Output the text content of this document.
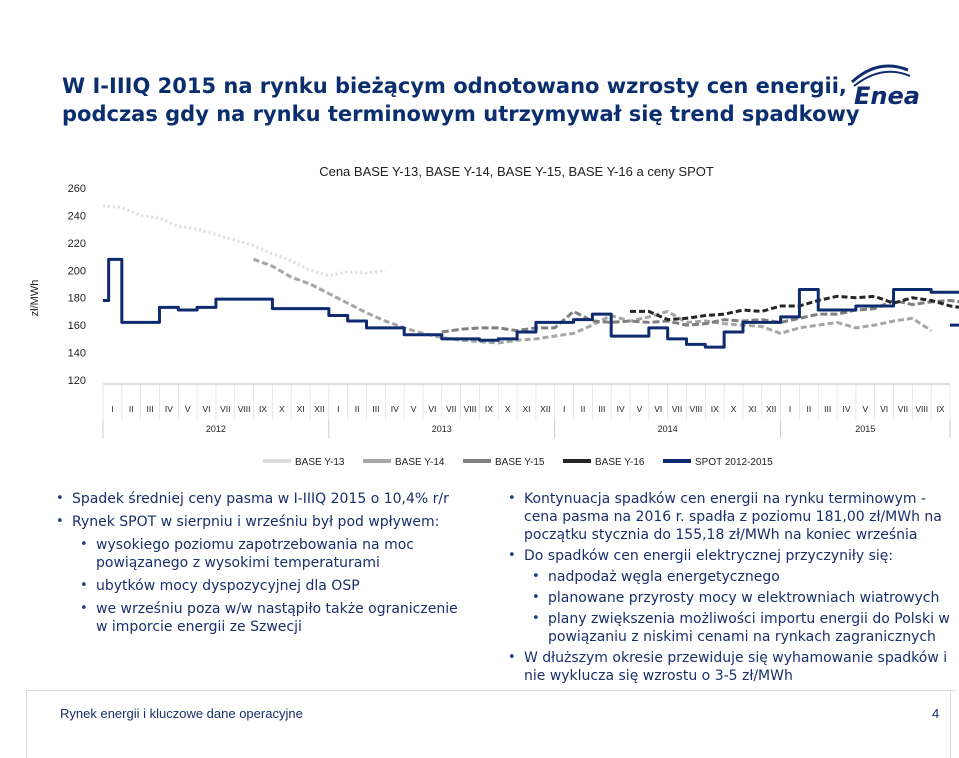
W I-IIIQ 2015 na rynku bieżącym odnotowano wzrosty cen energii,
podczas gdy na rynku terminowym utrzymywał się trend spadkowy
Enea
Cena BASE Y-13, BASE Y-14, BASE Y-15, BASE Y-16 a ceny SPOT
zł/MWh
260
240
220
200
180
160
140
120
I II III IV V VI VII VIII IX X XI XII I II III IV V VI VII VIII IX X XI XII I II III IV V VI VII VIII IX X XI XII I II III IV V VI VII VIII IX
2012	2013	2014	2015
BASE Y-13	BASE Y-14	BASE Y-15	BASE Y-16	SPOT 2012-2015
• Spadek średniej ceny pasma w I-IIIQ 2015 o 10,4% r/r
• Rynek SPOT w sierpniu i wrześniu był pod wpływem:
• wysokiego poziomu zapotrzebowania na moc powiązanego z wysokimi temperaturami
• ubytków mocy dyspozycyjnej dla OSP
• we wrześniu poza w/w nastąpiło także ograniczenie w imporcie energii ze Szwecji
• Kontynuacja spadków cen energii na rynku terminowym - cena pasma na 2016 r. spadła z poziomu 181,00 zł/MWh na początku stycznia do 155,18 zł/MWh na koniec września
• Do spadków cen energii elektrycznej przyczyniły się:
• nadpodaż węgla energetycznego
• planowane przyrosty mocy w elektrowniach wiatrowych
• plany zwiększenia możliwości importu energii do Polski w powiązaniu z niskimi cenami na rynkach zagranicznych
• W dłuższym okresie przewiduje się wyhamowanie spadków i nie wyklucza się wzrostu o 3-5 zł/MWh
Rynek energii i kluczowe dane operacyjne	4
